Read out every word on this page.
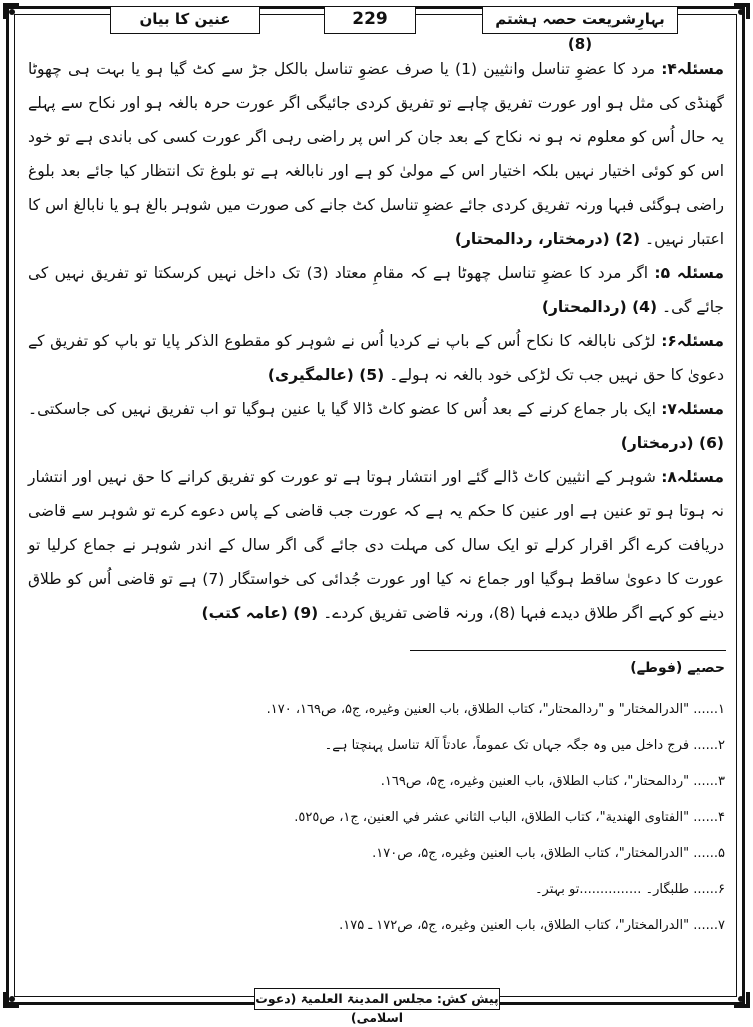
عنین کا بیان	229	بہارِشریعت حصہ ہشتم (8)

مسئلہ۴: مرد کا عضوِ تناسل وانثیین (1) یا صرف عضوِ تناسل بالکل جڑ سے کٹ گیا ہو یا بہت ہی چھوٹا گھنڈی کی مثل ہو اور عورت تفریق چاہے تو تفریق کردی جائیگی اگر عورت حرہ بالغہ ہو اور نکاح سے پہلے یہ حال اُس کو معلوم نہ ہو نہ نکاح کے بعد جان کر اس پر راضی رہی اگر عورت کسی کی باندی ہے تو خود اس کو کوئی اختیار نہیں بلکہ اختیار اس کے مولیٰ کو ہے اور نابالغہ ہے تو بلوغ تک انتظار کیا جائے بعد بلوغ راضی ہوگئی فبہا ورنہ تفریق کردی جائے عضوِ تناسل کٹ جانے کی صورت میں شوہر بالغ ہو یا نابالغ اس کا اعتبار نہیں۔ (2) (درمختار، ردالمحتار)

مسئلہ ۵: اگر مرد کا عضوِ تناسل چھوٹا ہے کہ مقامِ معتاد (3) تک داخل نہیں کرسکتا تو تفریق نہیں کی جائے گی۔ (4) (ردالمحتار)

مسئلہ۶: لڑکی نابالغہ کا نکاح اُس کے باپ نے کردیا اُس نے شوہر کو مقطوع الذکر پایا تو باپ کو تفریق کے دعویٰ کا حق نہیں جب تک لڑکی خود بالغہ نہ ہولے۔ (5) (عالمگیری)

مسئلہ۷: ایک بار جماع کرنے کے بعد اُس کا عضو کاٹ ڈالا گیا یا عنین ہوگیا تو اب تفریق نہیں کی جاسکتی۔ (6) (درمختار)

مسئلہ۸: شوہر کے انثیین کاٹ ڈالے گئے اور انتشار ہوتا ہے تو عورت کو تفریق کرانے کا حق نہیں اور انتشار نہ ہوتا ہو تو عنین ہے اور عنین کا حکم یہ ہے کہ عورت جب قاضی کے پاس دعوے کرے تو شوہر سے قاضی دریافت کرے اگر اقرار کرلے تو ایک سال کی مہلت دی جائے گی اگر سال کے اندر شوہر نے جماع کرلیا تو عورت کا دعویٰ ساقط ہوگیا اور جماع نہ کیا اور عورت جُدائی کی خواستگار (7) ہے تو قاضی اُس کو طلاق دینے کو کہے اگر طلاق دیدے فبہا (8)، ورنہ قاضی تفریق کردے۔ (9) (عامہ کتب)

حصیے (فوطے)
۱...... "الدرالمختار" و "ردالمحتار"، كتاب الطلاق، باب العنين وغيره، ج۵، ص۱٦٩، ۱۷۰.
۲...... فرج داخل میں وہ جگہ جہاں تک عموماً، عادتاً آلۂ تناسل پہنچتا ہے۔
۳...... "ردالمحتار"، كتاب الطلاق، باب العنين وغيره، ج۵، ص۱٦٩.
۴...... "الفتاوى الهندية"، كتاب الطلاق، الباب الثاني عشر في العنين، ج۱، ص٥٢٥.
۵...... "الدرالمختار"، كتاب الطلاق، باب العنين وغيره، ج۵، ص۱۷۰.
۶...... طلبگار۔ ...............تو بہتر۔
۷...... "الدرالمختار"، كتاب الطلاق، باب العنين وغيره، ج۵، ص۱۷۲ ـ ۱۷۵.
پیش کش: مجلس المدینۃ العلمیۃ (دعوت اسلامی)
